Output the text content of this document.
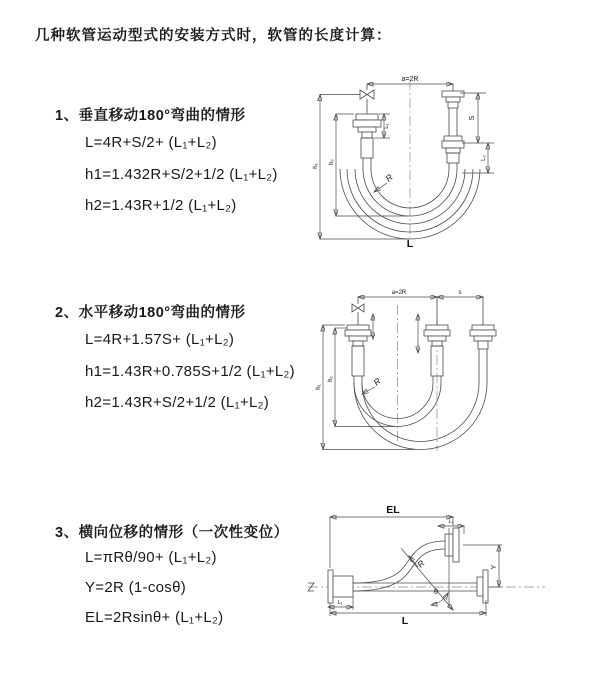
几种软管运动型式的安装方式时，软管的长度计算：
1、垂直移动180°弯曲的情形
L=4R+S/2+ (L₁+L₂)
h1=1.432R+S/2+1/2 (L₁+L₂)
h2=1.43R+1/2 (L₁+L₂)
2、水平移动180°弯曲的情形
L=4R+1.57S+ (L₁+L₂)
h1=1.43R+0.785S+1/2 (L₁+L₂)
h2=1.43R+S/2+1/2 (L₁+L₂)
3、横向位移的情形（一次性变位）
L=πRθ/90+ (L₁+L₂)
Y=2R (1-cosθ)
EL=2Rsinθ+ (L₁+L₂)
a=2R
S
L₂
h₁
h₂
L₁
R
L
a=2R	s
h₁
h₂	R
θ
R
EL
L₁
Y
L
L₁
